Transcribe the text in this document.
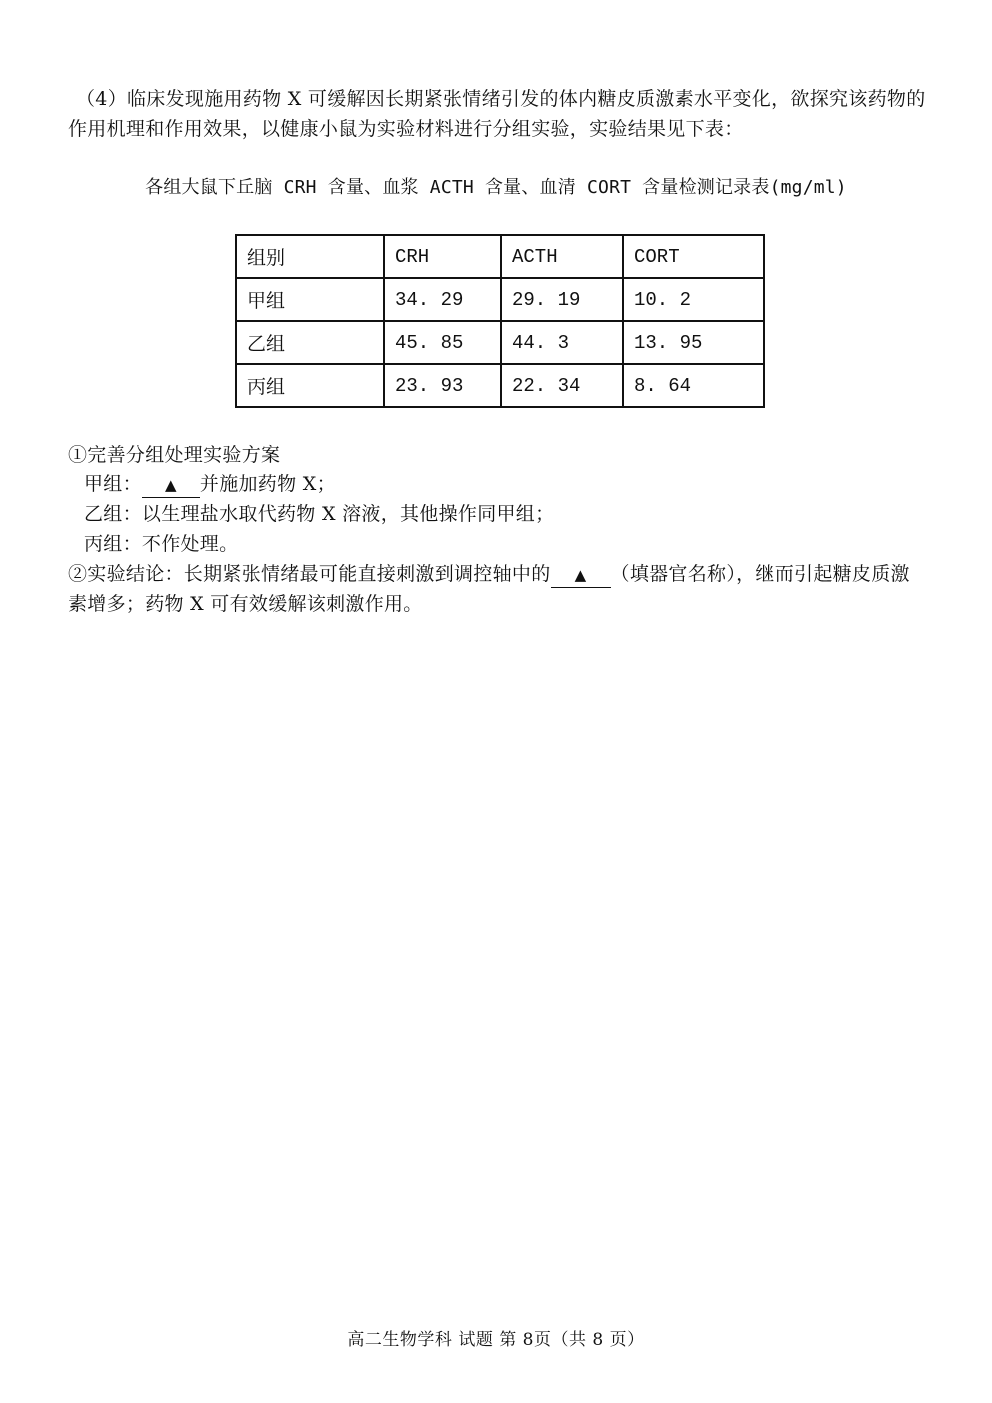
（4）临床发现施用药物 X 可缓解因长期紧张情绪引发的体内糖皮质激素水平变化，欲探究该药物的作用机理和作用效果，以健康小鼠为实验材料进行分组实验，实验结果见下表：
各组大鼠下丘脑 CRH 含量、血浆 ACTH 含量、血清 CORT 含量检测记录表(mg/ml)
组别	CRH	ACTH	CORT
甲组	34. 29	29. 19	10. 2
乙组	45. 85	44. 3	13. 95
丙组	23. 93	22. 34	8. 64
①完善分组处理实验方案
甲组： ▲ 并施加药物 X；
乙组：以生理盐水取代药物 X 溶液，其他操作同甲组；
丙组：不作处理。
②实验结论：长期紧张情绪最可能直接刺激到调控轴中的 ▲ （填器官名称），继而引起糖皮质激
素增多；药物 X 可有效缓解该刺激作用。
高二生物学科 试题 第 8页（共 8 页）
